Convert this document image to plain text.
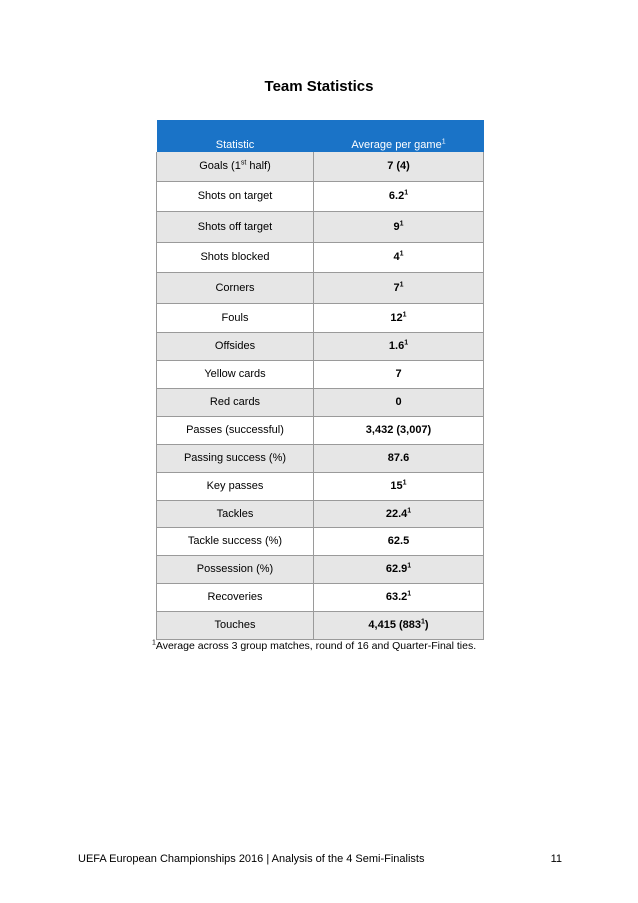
Team Statistics
Statistic	Average per game$^1$
Goals (1st half)	7 (4)
Shots on target	$6.2^1$
Shots off target	$9^1$
Shots blocked	$4^1$
Corners	$7^1$
Fouls	$12^1$
Offsides	$1.6^1$
Yellow cards	7
Red cards	0
Passes (successful)	3,432 (3,007)
Passing success (%)	87.6
Key passes	$15^1$
Tackles	22.4$^1$
Tackle success (%)	62.5
Possession (%)	62.9$^1$
Recoveries	63.2$^1$
Touches	4,415 $(883^1)$
$^1$Average across 3 group matches, round of 16 and Quarter-Final ties.
UEFA European Championships 2016 | Analysis of the 4 Semi-Finalists	11
